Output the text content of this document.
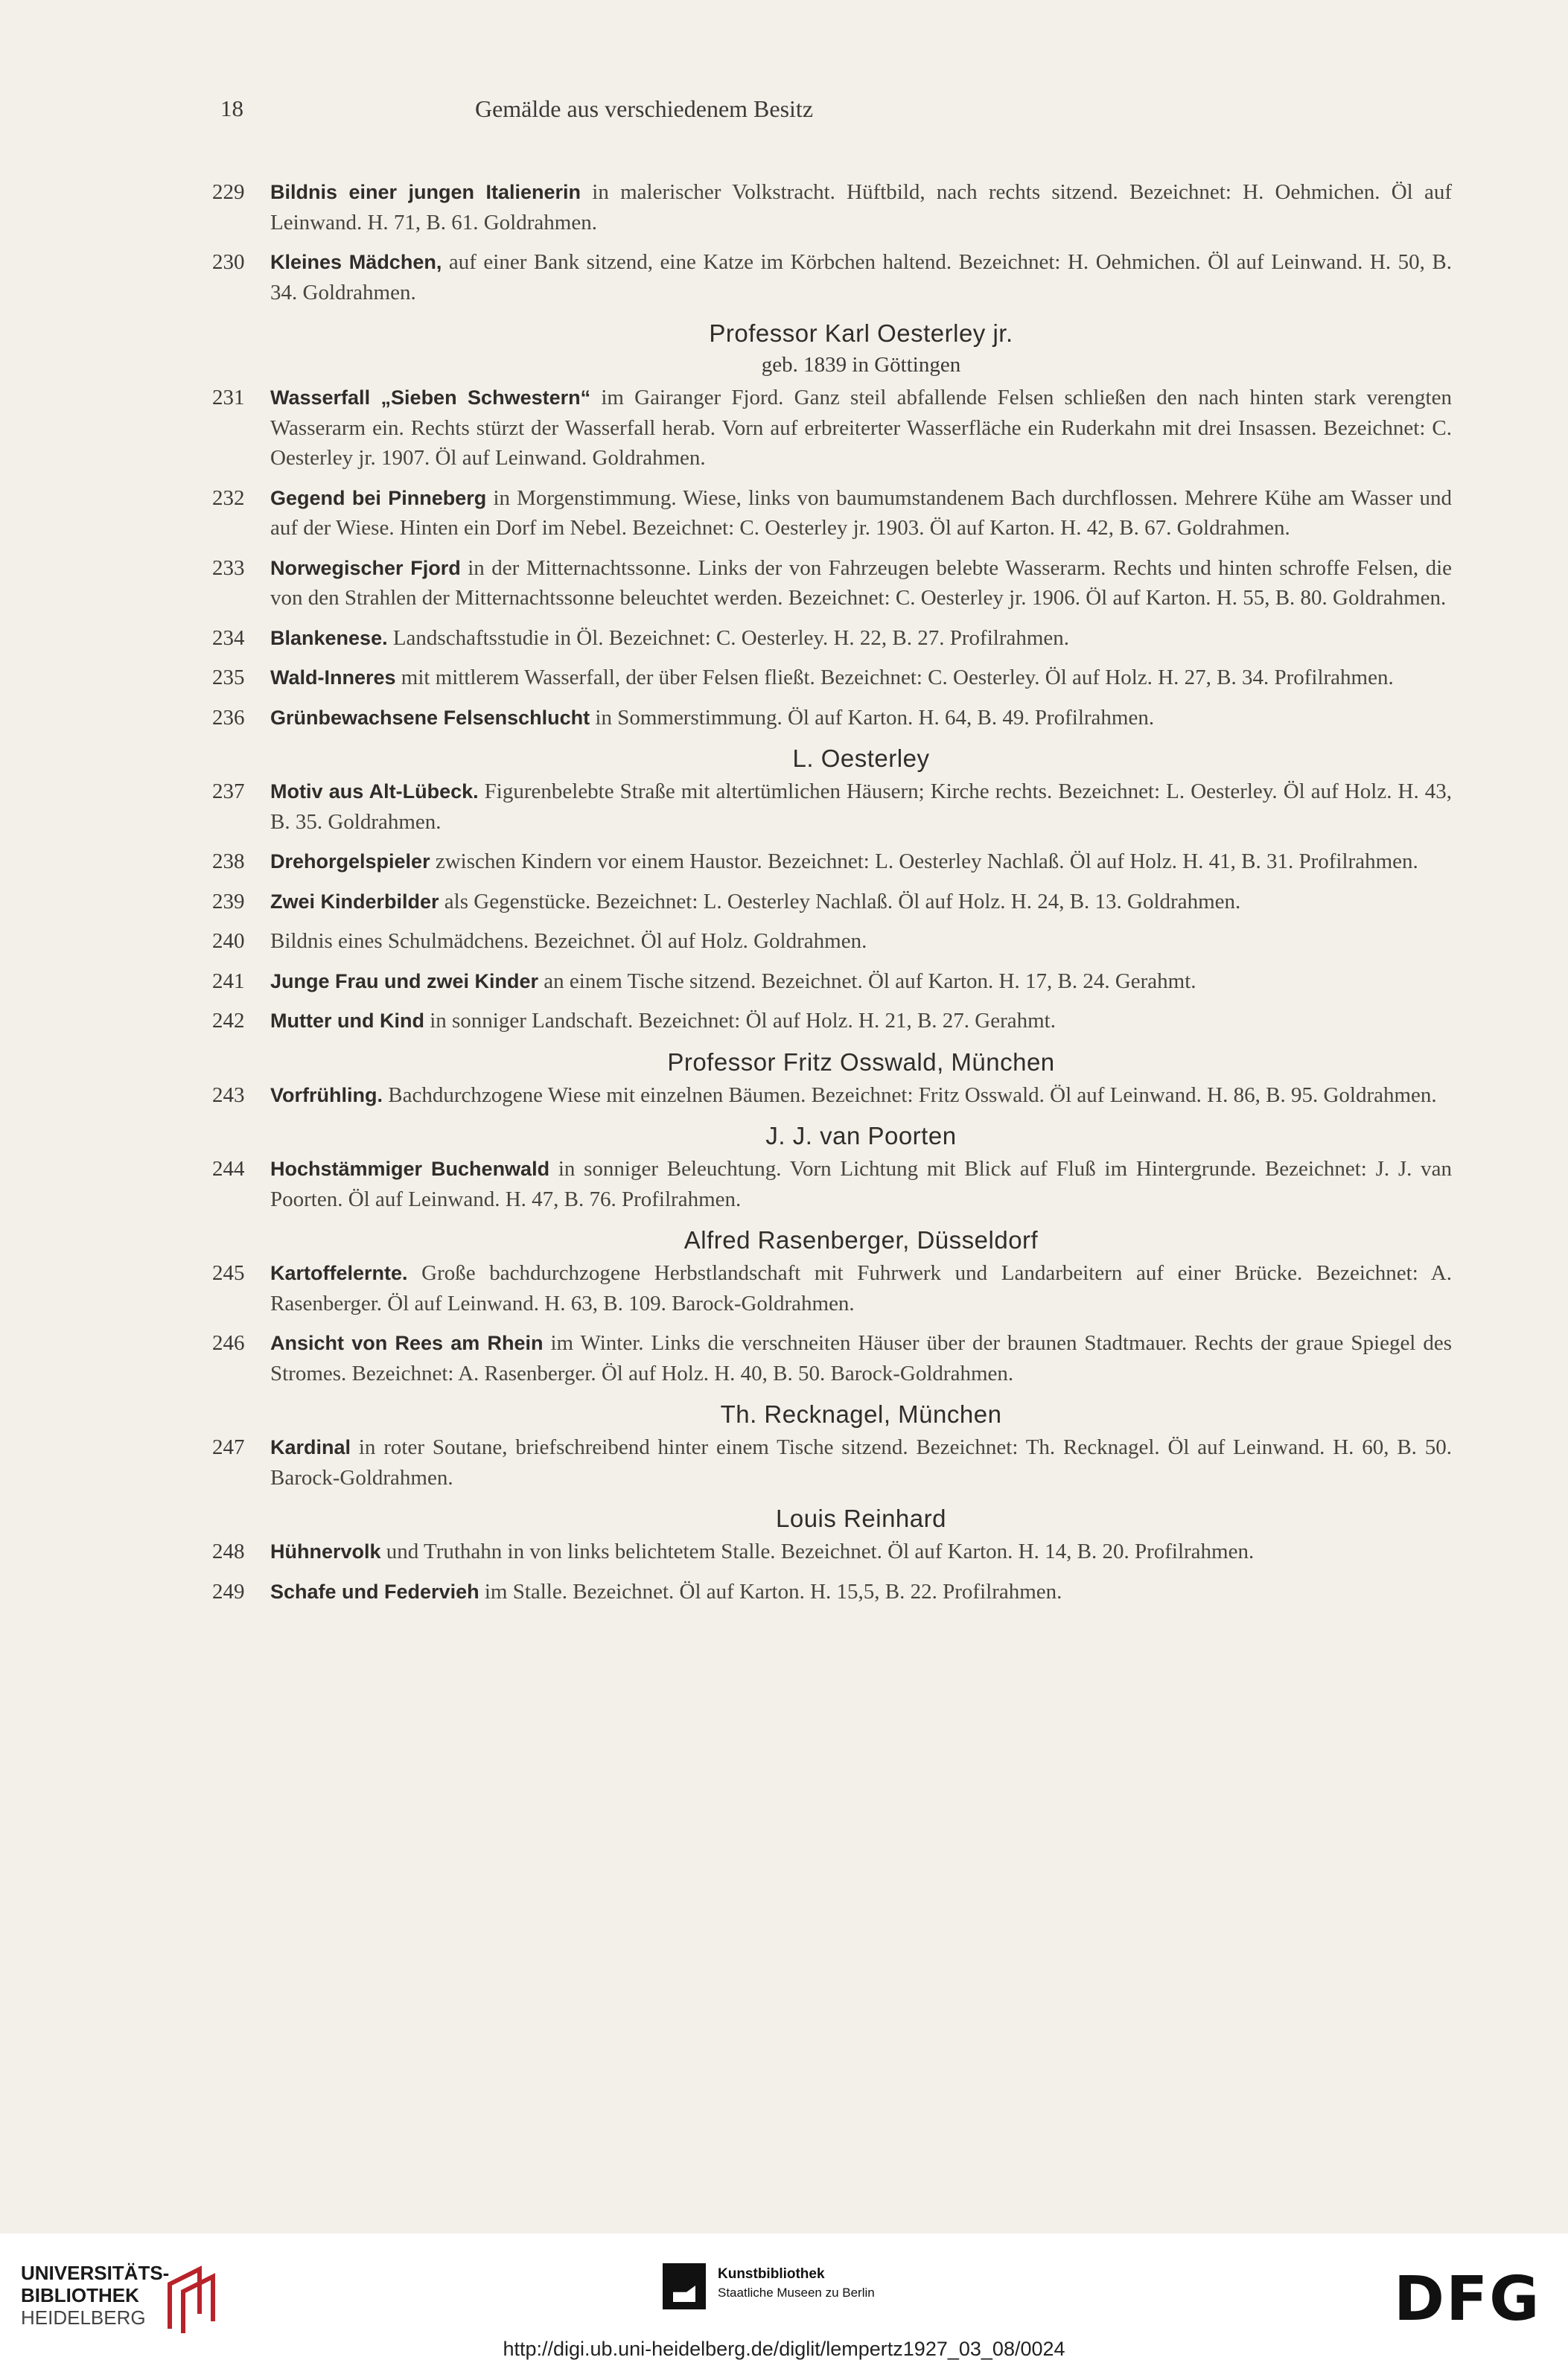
18	Gemälde aus verschiedenem Besitz
229	Bildnis einer jungen Italienerin in malerischer Volkstracht. Hüftbild, nach rechts sitzend. Bezeichnet: H. Oehmichen. Öl auf Leinwand. H. 71, B. 61. Goldrahmen.
230	Kleines Mädchen, auf einer Bank sitzend, eine Katze im Körbchen haltend. Bezeichnet: H. Oehmichen. Öl auf Leinwand. H. 50, B. 34. Goldrahmen.
Professor Karl Oesterley jr.
geb. 1839 in Göttingen
231	Wasserfall „Sieben Schwestern“ im Gairanger Fjord. Ganz steil abfallende Felsen schließen den nach hinten stark verengten Wasserarm ein. Rechts stürzt der Wasserfall herab. Vorn auf erbreiterter Wasserfläche ein Ruderkahn mit drei Insassen. Bezeichnet: C. Oesterley jr. 1907. Öl auf Leinwand. Goldrahmen.
232	Gegend bei Pinneberg in Morgenstimmung. Wiese, links von baumumstandenem Bach durchflossen. Mehrere Kühe am Wasser und auf der Wiese. Hinten ein Dorf im Nebel. Bezeichnet: C. Oesterley jr. 1903. Öl auf Karton. H. 42, B. 67. Goldrahmen.
233	Norwegischer Fjord in der Mitternachtssonne. Links der von Fahrzeugen belebte Wasserarm. Rechts und hinten schroffe Felsen, die von den Strahlen der Mitternachtssonne beleuchtet werden. Bezeichnet: C. Oesterley jr. 1906. Öl auf Karton. H. 55, B. 80. Goldrahmen.
234	Blankenese. Landschaftsstudie in Öl. Bezeichnet: C. Oesterley. H. 22, B. 27. Profilrahmen.
235	Wald-Inneres mit mittlerem Wasserfall, der über Felsen fließt. Bezeichnet: C. Oesterley. Öl auf Holz. H. 27, B. 34. Profilrahmen.
236	Grünbewachsene Felsenschlucht in Sommerstimmung. Öl auf Karton. H. 64, B. 49. Profilrahmen.
L. Oesterley
237	Motiv aus Alt-Lübeck. Figurenbelebte Straße mit altertümlichen Häusern; Kirche rechts. Bezeichnet: L. Oesterley. Öl auf Holz. H. 43, B. 35. Goldrahmen.
238	Drehorgelspieler zwischen Kindern vor einem Haustor. Bezeichnet: L. Oesterley Nachlaß. Öl auf Holz. H. 41, B. 31. Profilrahmen.
239	Zwei Kinderbilder als Gegenstücke. Bezeichnet: L. Oesterley Nachlaß. Öl auf Holz. H. 24, B. 13. Goldrahmen.
240	Bildnis eines Schulmädchens. Bezeichnet. Öl auf Holz. Goldrahmen.
241	Junge Frau und zwei Kinder an einem Tische sitzend. Bezeichnet. Öl auf Karton. H. 17, B. 24. Gerahmt.
242	Mutter und Kind in sonniger Landschaft. Bezeichnet: Öl auf Holz. H. 21, B. 27. Gerahmt.
Professor Fritz Osswald, München
243	Vorfrühling. Bachdurchzogene Wiese mit einzelnen Bäumen. Bezeichnet: Fritz Osswald. Öl auf Leinwand. H. 86, B. 95. Goldrahmen.
J. J. van Poorten
244	Hochstämmiger Buchenwald in sonniger Beleuchtung. Vorn Lichtung mit Blick auf Fluß im Hintergrunde. Bezeichnet: J. J. van Poorten. Öl auf Leinwand. H. 47, B. 76. Profilrahmen.
Alfred Rasenberger, Düsseldorf
245	Kartoffelernte. Große bachdurchzogene Herbstlandschaft mit Fuhrwerk und Landarbeitern auf einer Brücke. Bezeichnet: A. Rasenberger. Öl auf Leinwand. H. 63, B. 109. Barock-Goldrahmen.
246	Ansicht von Rees am Rhein im Winter. Links die verschneiten Häuser über der braunen Stadtmauer. Rechts der graue Spiegel des Stromes. Bezeichnet: A. Rasenberger. Öl auf Holz. H. 40, B. 50. Barock-Goldrahmen.
Th. Recknagel, München
247	Kardinal in roter Soutane, briefschreibend hinter einem Tische sitzend. Bezeichnet: Th. Recknagel. Öl auf Leinwand. H. 60, B. 50. Barock-Goldrahmen.
Louis Reinhard
248	Hühnervolk und Truthahn in von links belichtetem Stalle. Bezeichnet. Öl auf Karton. H. 14, B. 20. Profilrahmen.
249	Schafe und Federvieh im Stalle. Bezeichnet. Öl auf Karton. H. 15,5, B. 22. Profilrahmen.
UNIVERSITÄTS-
BIBLIOTHEK
HEIDELBERG
Kunstbibliothek
Staatliche Museen zu Berlin	DFG
http://digi.ub.uni-heidelberg.de/diglit/lempertz1927_03_08/0024
